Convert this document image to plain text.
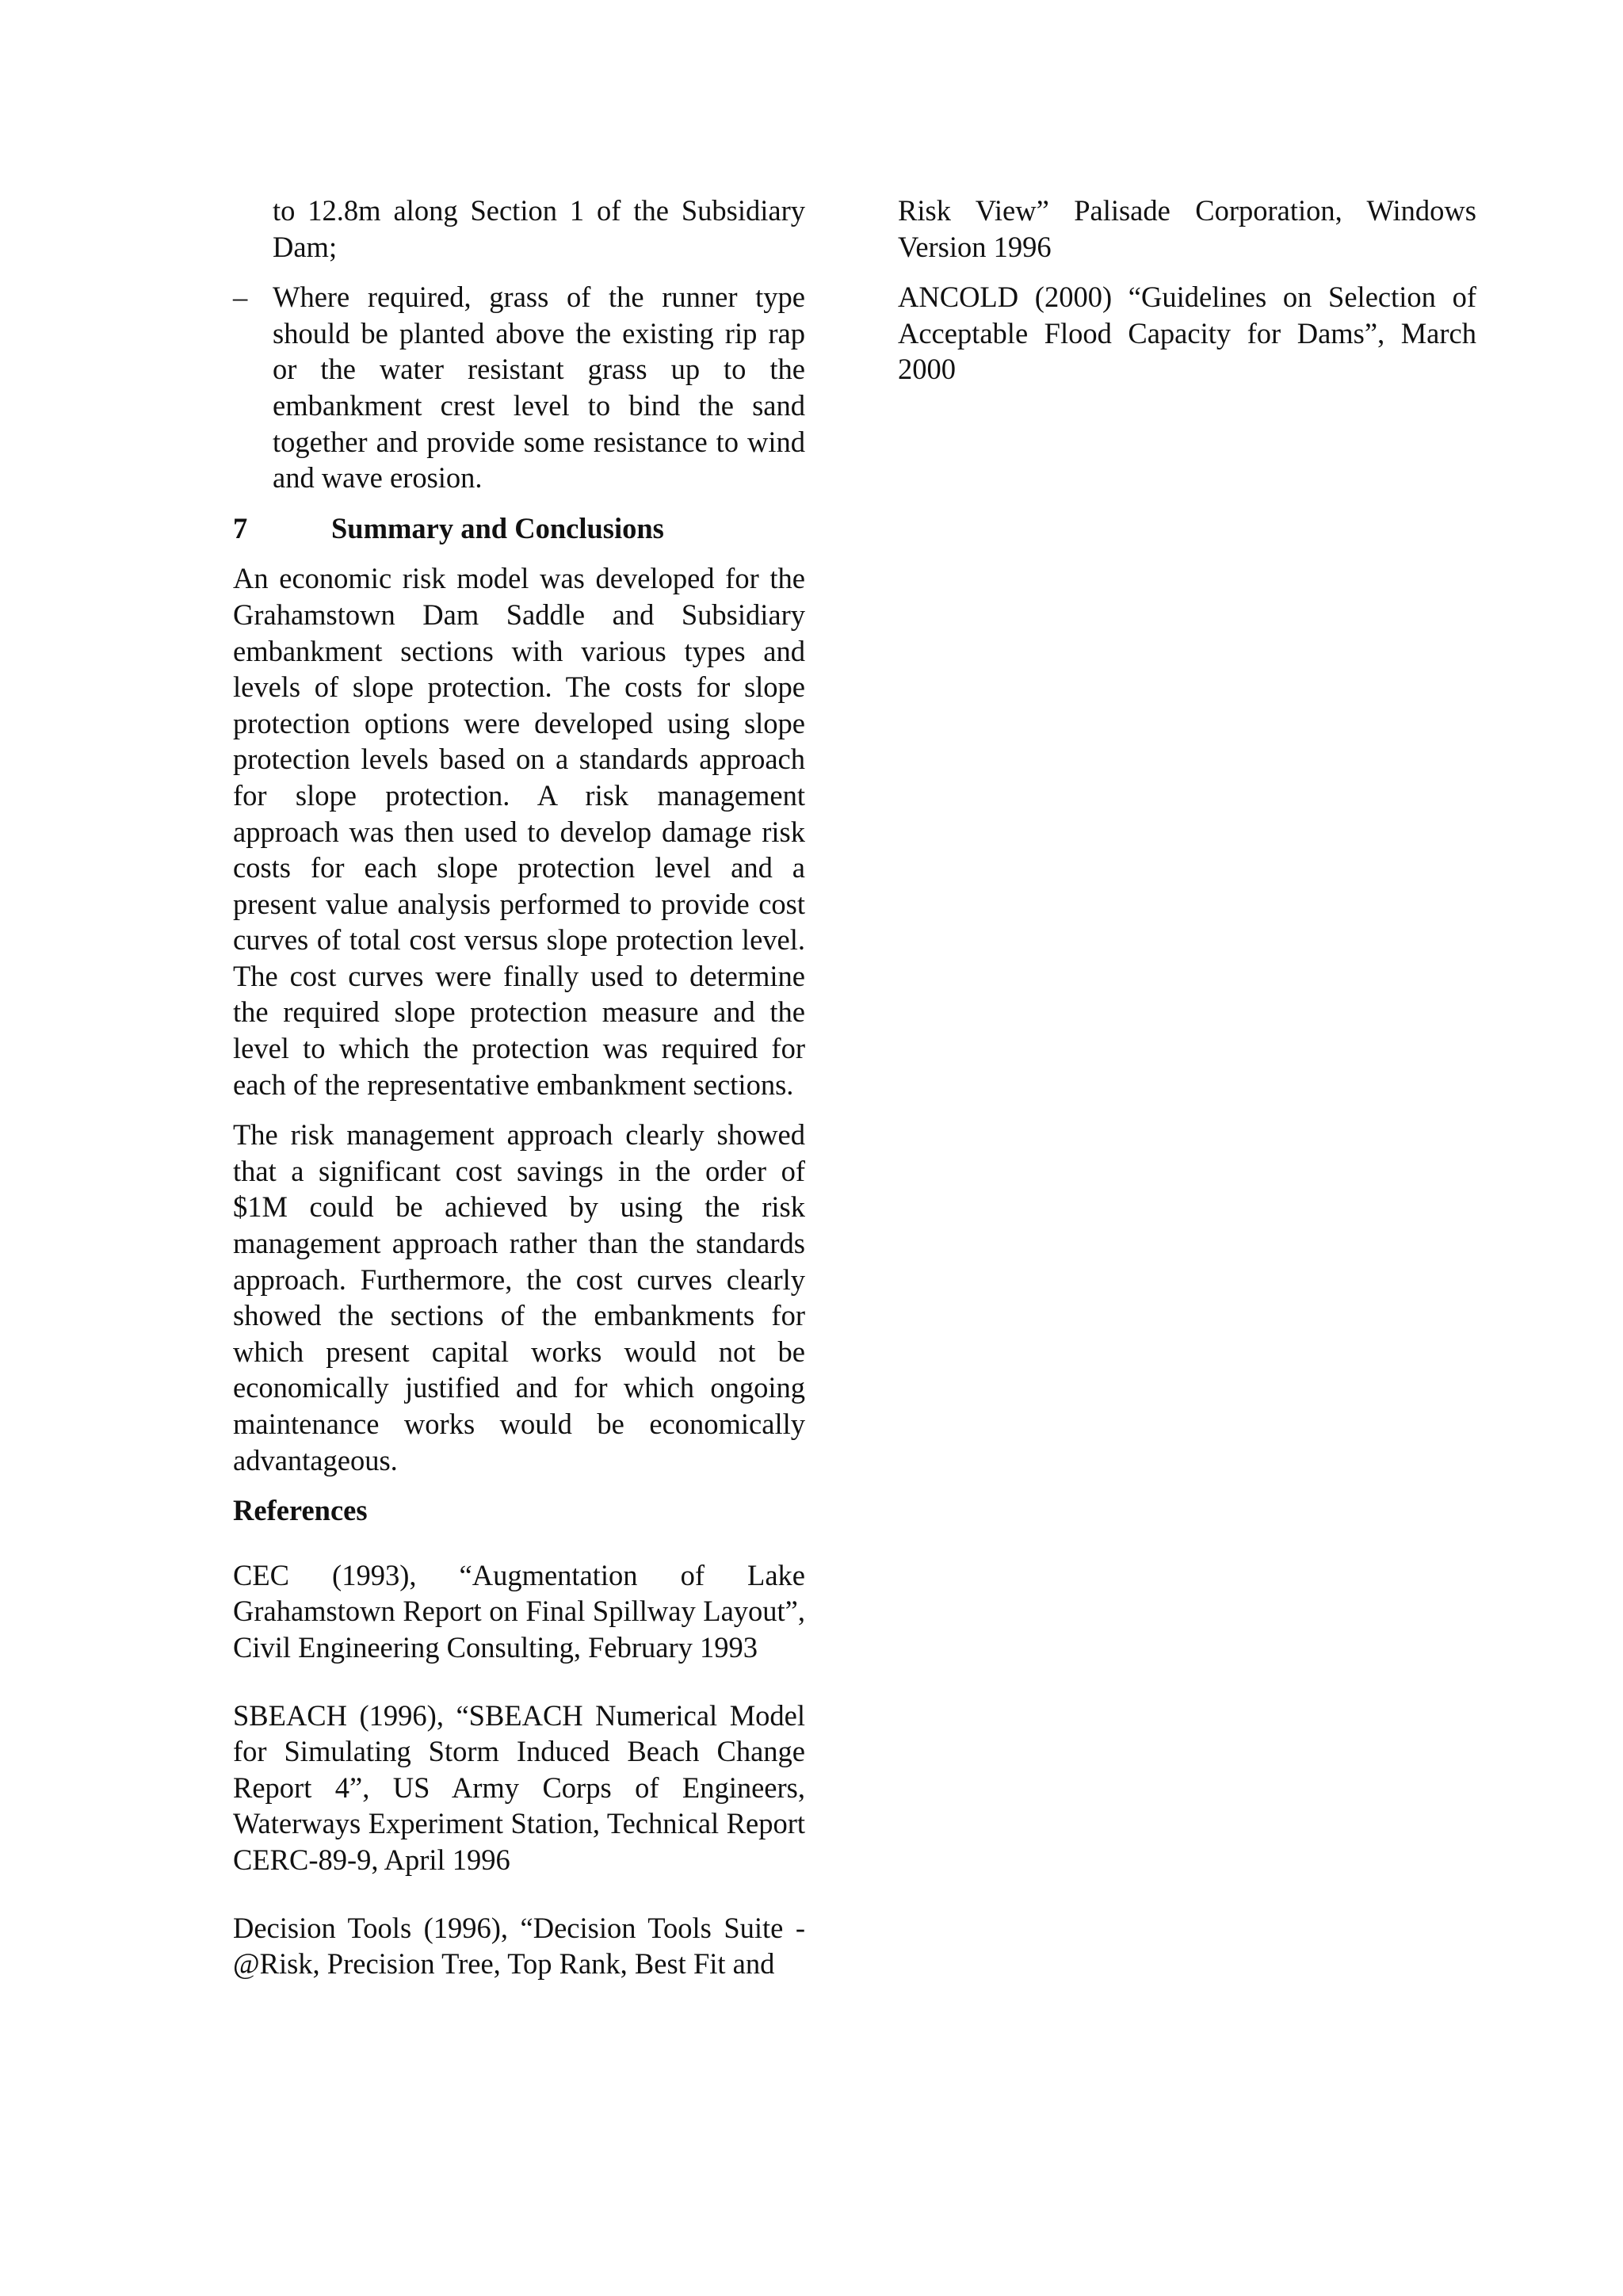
to 12.8m along Section 1 of the Subsidiary Dam;

– Where required, grass of the runner type should be planted above the existing rip rap or the water resistant grass up to the embankment crest level to bind the sand together and provide some resistance to wind and wave erosion.
7	Summary and Conclusions

An economic risk model was developed for the Grahamstown Dam Saddle and Subsidiary embankment sections with various types and levels of slope protection. The costs for slope protection options were developed using slope protection levels based on a standards approach for slope protection. A risk management approach was then used to develop damage risk costs for each slope protection level and a present value analysis performed to provide cost curves of total cost versus slope protection level. The cost curves were finally used to determine the required slope protection measure and the level to which the protection was required for each of the representative embankment sections.

The risk management approach clearly showed that a significant cost savings in the order of $1M could be achieved by using the risk management approach rather than the standards approach. Furthermore, the cost curves clearly showed the sections of the embankments for which present capital works would not be economically justified and for which ongoing maintenance works would be economically advantageous.

References

CEC (1993), “Augmentation of Lake Grahamstown Report on Final Spillway Layout”, Civil Engineering Consulting, February 1993

SBEACH (1996), “SBEACH Numerical Model for Simulating Storm Induced Beach Change Report 4”, US Army Corps of Engineers, Waterways Experiment Station, Technical Report CERC-89-9, April 1996

Decision Tools (1996), “Decision Tools Suite - @Risk, Precision Tree, Top Rank, Best Fit and

Risk View” Palisade Corporation, Windows Version 1996

ANCOLD (2000) “Guidelines on Selection of Acceptable Flood Capacity for Dams”, March 2000
